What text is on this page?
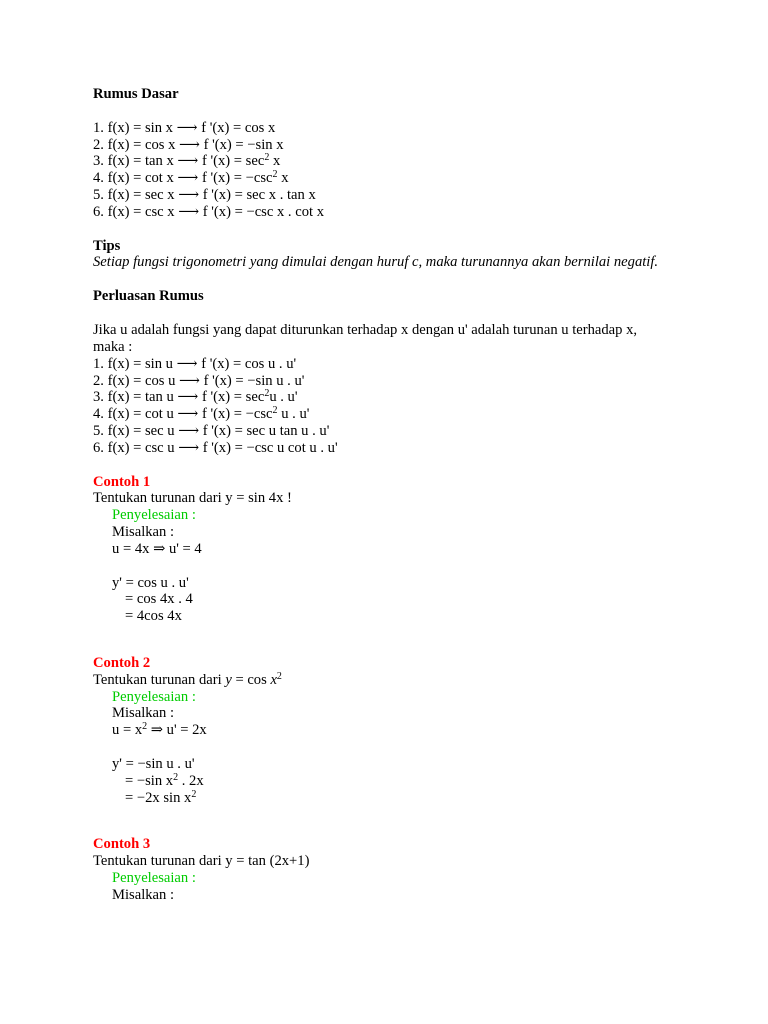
Rumus Dasar
1. f(x) = sin x ⟶ f '(x) = cos x
2. f(x) = cos x ⟶ f '(x) = −sin x
3. f(x) = tan x ⟶ f '$(x) = \sec^2 x$
4. f(x) = cot x ⟶ f '$(x) = -\csc^2$ x
5. f(x) = sec x ⟶ f '(x) = sec x . tan x
6. f(x) = csc x ⟶ f '(x) = −csc x . cot x
Tips
Setiap fungsi trigonometri yang dimulai dengan huruf c, maka turunannya akan bernilai negatif.
Perluasan Rumus
Jika u adalah fungsi yang dapat diturunkan terhadap x dengan u' adalah turunan u terhadap x,
maka :
1. f(x) = sin u ⟶ f '(x) = cos u . u'
2. f(x) = cos u ⟶ f '(x) = −sin u . u'
3. f(x) = tan u ⟶ f '$(x) = \sec^2u$ . u'
4. f(x) = cot u ⟶ f '$(x) = -\csc^2$ u . u'
5. f(x) = sec u ⟶ f '(x) = sec u tan u . u'
6. f(x) = csc u ⟶ f '(x) = −csc u cot u . u'
Contoh 1
Tentukan turunan dari y = sin 4x !
Penyelesaian :
Misalkan :
u = 4x ⇒ u' = 4
y' = cos u . u'
= cos 4x . 4
= 4cos 4x
Contoh 2
Tentukan turunan dari $y = \cos x^2$
Penyelesaian :
Misalkan :
$u = x^2$ ⇒ u' = 2x
y' = −sin u . u'
= −sin $x^2$ . 2x
= −2x $\sin x^2$
Contoh 3
Tentukan turunan dari y = tan (2x+1)
Penyelesaian :
Misalkan :
